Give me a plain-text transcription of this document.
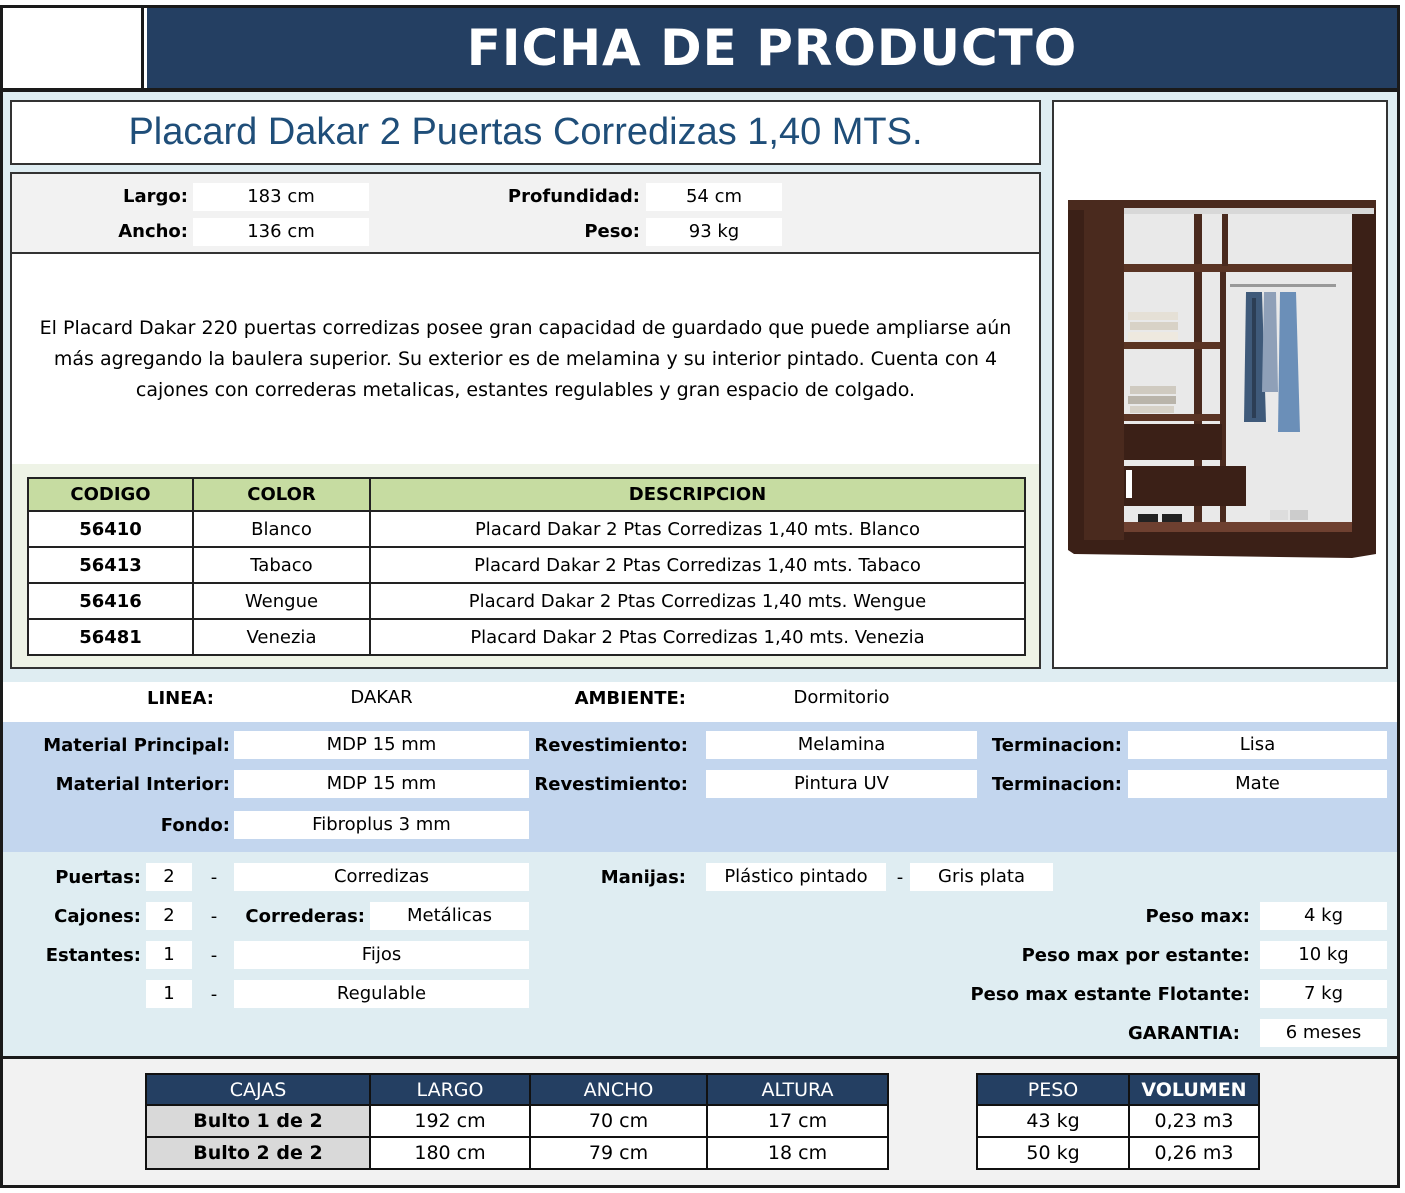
FICHA DE PRODUCTO
Placard Dakar 2 Puertas Corredizas 1,40 MTS.
Largo:	183 cm
Ancho:	136 cm
Profundidad:	54 cm
Peso:	93 kg
El Placard Dakar 220 puertas corredizas posee gran capacidad de guardado que puede ampliarse aún más agregando la baulera superior. Su exterior es de melamina y su interior pintado. Cuenta con 4 cajones con correderas metalicas, estantes regulables y gran espacio de colgado.
CODIGO	COLOR	DESCRIPCION
56410	Blanco	Placard Dakar 2 Ptas Corredizas 1,40 mts. Blanco
56413	Tabaco	Placard Dakar 2 Ptas Corredizas 1,40 mts. Tabaco
56416	Wengue	Placard Dakar 2 Ptas Corredizas 1,40 mts. Wengue
56481	Venezia	Placard Dakar 2 Ptas Corredizas 1,40 mts. Venezia
LINEA:	DAKAR	AMBIENTE:	Dormitorio
Material Principal:	MDP 15 mm	Revestimiento:	Melamina	Terminacion:	Lisa
Material Interior:	MDP 15 mm	Revestimiento:	Pintura UV	Terminacion:	Mate
Fondo:	Fibroplus 3 mm
Puertas:	2	-	Corredizas	Manijas:	Plástico pintado	-	Gris plata
Cajones:	2	-	Correderas:	Metálicas
Estantes:	1	-	Fijos
1	-	Regulable
Peso max:	4 kg
Peso max por estante:	10 kg
Peso max estante Flotante:	7 kg
GARANTIA:	6 meses
CAJAS	LARGO	ANCHO	ALTURA
Bulto 1 de 2	192 cm	70 cm	17 cm
Bulto 2 de 2	180 cm	79 cm	18 cm
PESO	VOLUMEN
43 kg	0,23 m3
50 kg	0,26 m3
